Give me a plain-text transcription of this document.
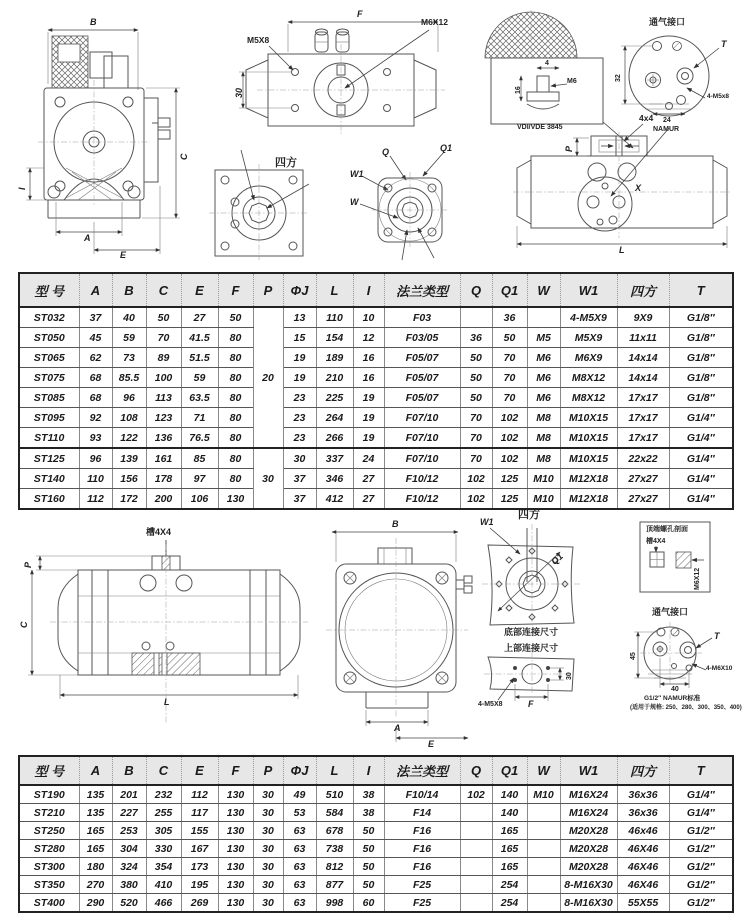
B
C
I
A
E
F
M5X8
M6X12
30
四方
Q	Q1
W1
W
VDI/VDE 3845
4
16
M6
通气接口
32
24
T
4-M5x8
NAMUR
4x4
P
X
L
型 号	A	B	C	E	F	P	ΦJ	L	I	法兰类型	Q	Q1	W	W1	四方	T
ST032	37	40	50	27	50	20	13	110	10	F03		36		4-M5X9	9X9	G1/8″
ST050	45	59	70	41.5	80		15	154	12	F03/05	36	50	M5	M5X9	11x11	G1/8″
ST065	62	73	89	51.5	80		19	189	16	F05/07	50	70	M6	M6X9	14x14	G1/8″
ST075	68	85.5	100	59	80		19	210	16	F05/07	50	70	M6	M8X12	14x14	G1/8″
ST085	68	96	113	63.5	80		23	225	19	F05/07	50	70	M6	M8X12	17x17	G1/8″
ST095	92	108	123	71	80		23	264	19	F07/10	70	102	M8	M10X15	17x17	G1/4″
ST110	93	122	136	76.5	80		23	266	19	F07/10	70	102	M8	M10X15	17x17	G1/4″
ST125	96	139	161	85	80	30	30	337	24	F07/10	70	102	M8	M10X15	22x22	G1/4″
ST140	110	156	178	97	80		37	346	27	F10/12	102	125	M10	M12X18	27x27	G1/4″
ST160	112	172	200	106	130		37	412	27	F10/12	102	125	M10	M12X18	27x27	G1/4″
槽4X4
P
C
L
B
A
E
四方
W1
Q1
底部连接尺寸
上部连接尺寸
4-M5X8	F
30
顶端螺孔剖面
槽4X4
M6X12
通气接口
45
40
T
4-M6X10
G1/2″ NAMUR标准
(适用于规格: 250、280、300、350、400)
型 号	A	B	C	E	F	P	ΦJ	L	I	法兰类型	Q	Q1	W	W1	四方	T
ST190	135	201	232	112	130	30	49	510	38	F10/14	102	140	M10	M16X24	36x36	G1/4″
ST210	135	227	255	117	130	30	53	584	38	F14		140		M16X24	36x36	G1/4″
ST250	165	253	305	155	130	30	63	678	50	F16		165		M20X28	46x46	G1/2″
ST280	165	304	330	167	130	30	63	738	50	F16		165		M20X28	46X46	G1/2″
ST300	180	324	354	173	130	30	63	812	50	F16		165		M20X28	46X46	G1/2″
ST350	270	380	410	195	130	30	63	877	50	F25		254		8-M16X30	46X46	G1/2″
ST400	290	520	466	269	130	30	63	998	60	F25		254		8-M16X30	55X55	G1/2″
